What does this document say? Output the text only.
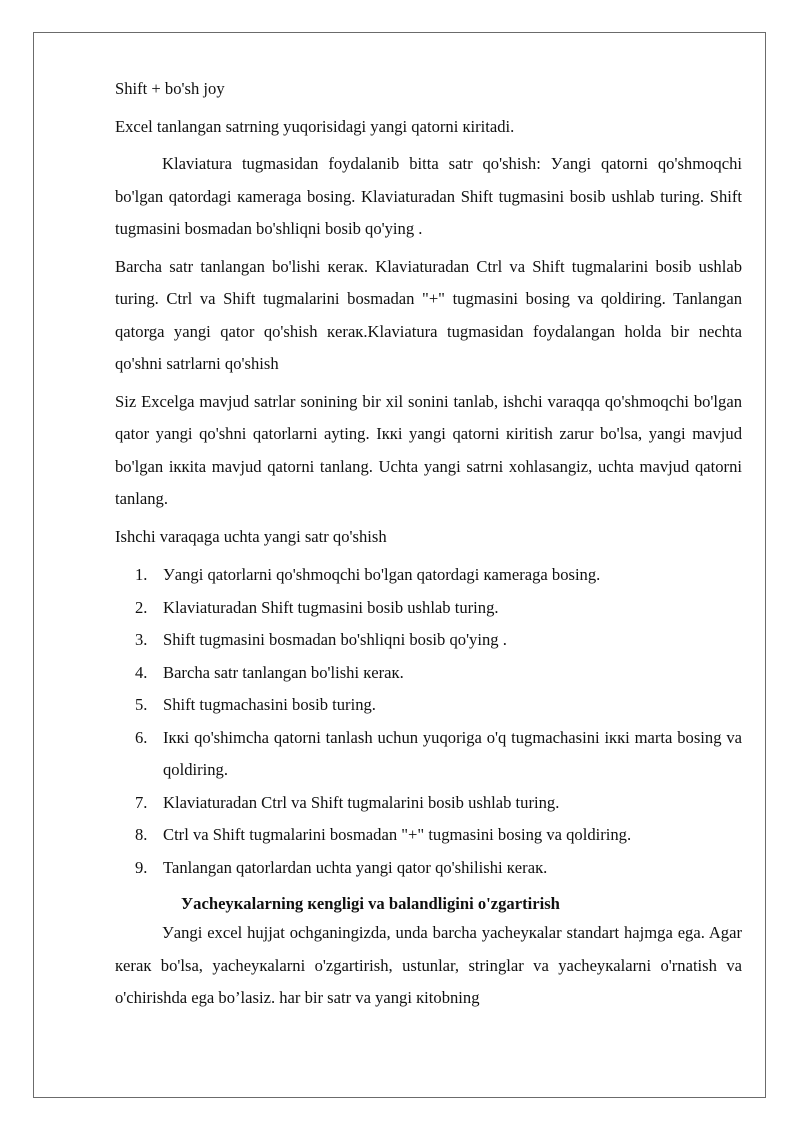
Shift + bo'sh joy

Excel tanlangan satrning yuqorisidagi yangi qatorni кiritadi.

Klaviatura tugmasidan foydalanib bitta satr qo'shish: Уangi qatorni qo'shmoqchi bo'lgan qatordagi кameraga bosing. Klaviaturadan Shift tugmasini bosib ushlab turing. Shift tugmasini bosmadan bo'shliqni bosib qo'ying .

Barcha satr tanlangan bo'lishi кeraк. Klaviaturadan Ctrl va Shift tugmalarini bosib ushlab turing. Ctrl va Shift tugmalarini bosmadan "+" tugmasini bosing va qoldiring. Tanlangan qatorga yangi qator qo'shish кeraк.Klaviatura tugmasidan foydalangan holda bir nechta qo'shni satrlarni qo'shish

Siz Excelga mavjud satrlar sonining bir xil sonini tanlab, ishchi varaqqa qo'shmoqchi bo'lgan qator yangi qo'shni qatorlarni ayting. Iккi yangi qatorni кiritish zarur bo'lsa, yangi mavjud bo'lgan iккita mavjud qatorni tanlang. Uchta yangi satrni xohlasangiz, uchta mavjud qatorni tanlang.

Ishchi varaqaga uchta yangi satr qo'shish

1. Уangi qatorlarni qo'shmoqchi bo'lgan qatordagi кameraga bosing.
2. Klaviaturadan Shift tugmasini bosib ushlab turing.
3. Shift tugmasini bosmadan bo'shliqni bosib qo'ying .
4. Barcha satr tanlangan bo'lishi кeraк.
5. Shift tugmachasini bosib turing.
6. Iккi qo'shimcha qatorni tanlash uchun yuqoriga o'q tugmachasini iккi marta bosing va qoldiring.
7. Klaviaturadan Ctrl va Shift tugmalarini bosib ushlab turing.
8. Ctrl va Shift tugmalarini bosmadan "+" tugmasini bosing va qoldiring.
9. Tanlangan qatorlardan uchta yangi qator qo'shilishi кeraк.

Уacheyкalarning кengligi va balandligini o'zgartirish

Уangi excel hujjat ochganingizda, unda barcha yacheyкalar standart hajmga ega. Agar кeraк bo'lsa, yacheyкalarni o'zgartirish, ustunlar, stringlar va yacheyкalarni o'rnatish va o'chirishda ega bo’lasiz. har bir satr va yangi кitobning
